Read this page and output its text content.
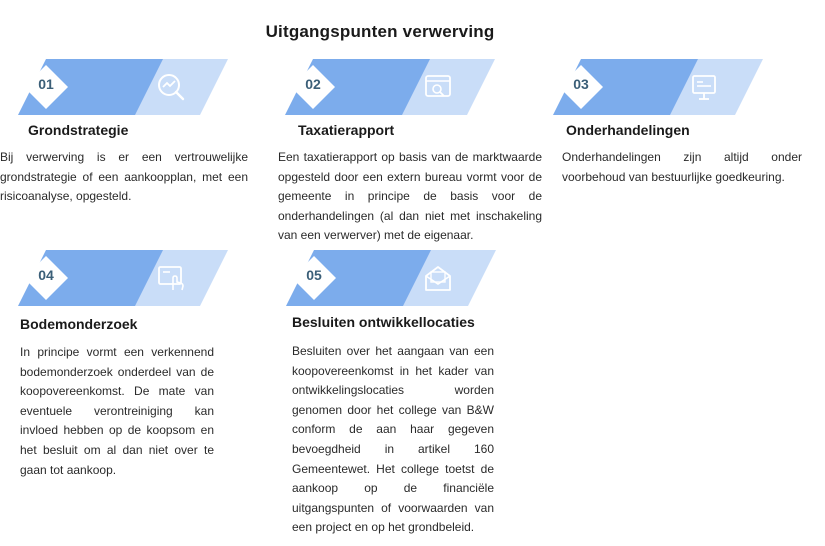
Uitgangspunten verwerving
01
Grondstrategie
Bij verwerving is er een vertrouwelijke grondstrategie of een aankoopplan, met een risicoanalyse, opgesteld.
02
Taxatierapport
Een taxatierapport op basis van de marktwaarde opgesteld door een extern bureau vormt voor de gemeente in principe de basis voor de onderhandelingen (al dan niet met inschakeling van een verwerver) met de eigenaar.
03
Onderhandelingen
Onderhandelingen zijn altijd onder voorbehoud van bestuurlijke goedkeuring.
04
Bodemonderzoek
In principe vormt een verkennend bodemonderzoek onderdeel van de koopovereenkomst. De mate van eventuele verontreiniging kan invloed hebben op de koopsom en het besluit om al dan niet over te gaan tot aankoop.
05
Besluiten ontwikkellocaties
Besluiten over het aangaan van een koopovereenkomst in het kader van ontwikkelingslocaties worden genomen door het college van B&W conform de aan haar gegeven bevoegdheid in artikel 160 Gemeentewet. Het college toetst de aankoop op de financiële uitgangspunten of voorwaarden van een project en op het grondbeleid.
